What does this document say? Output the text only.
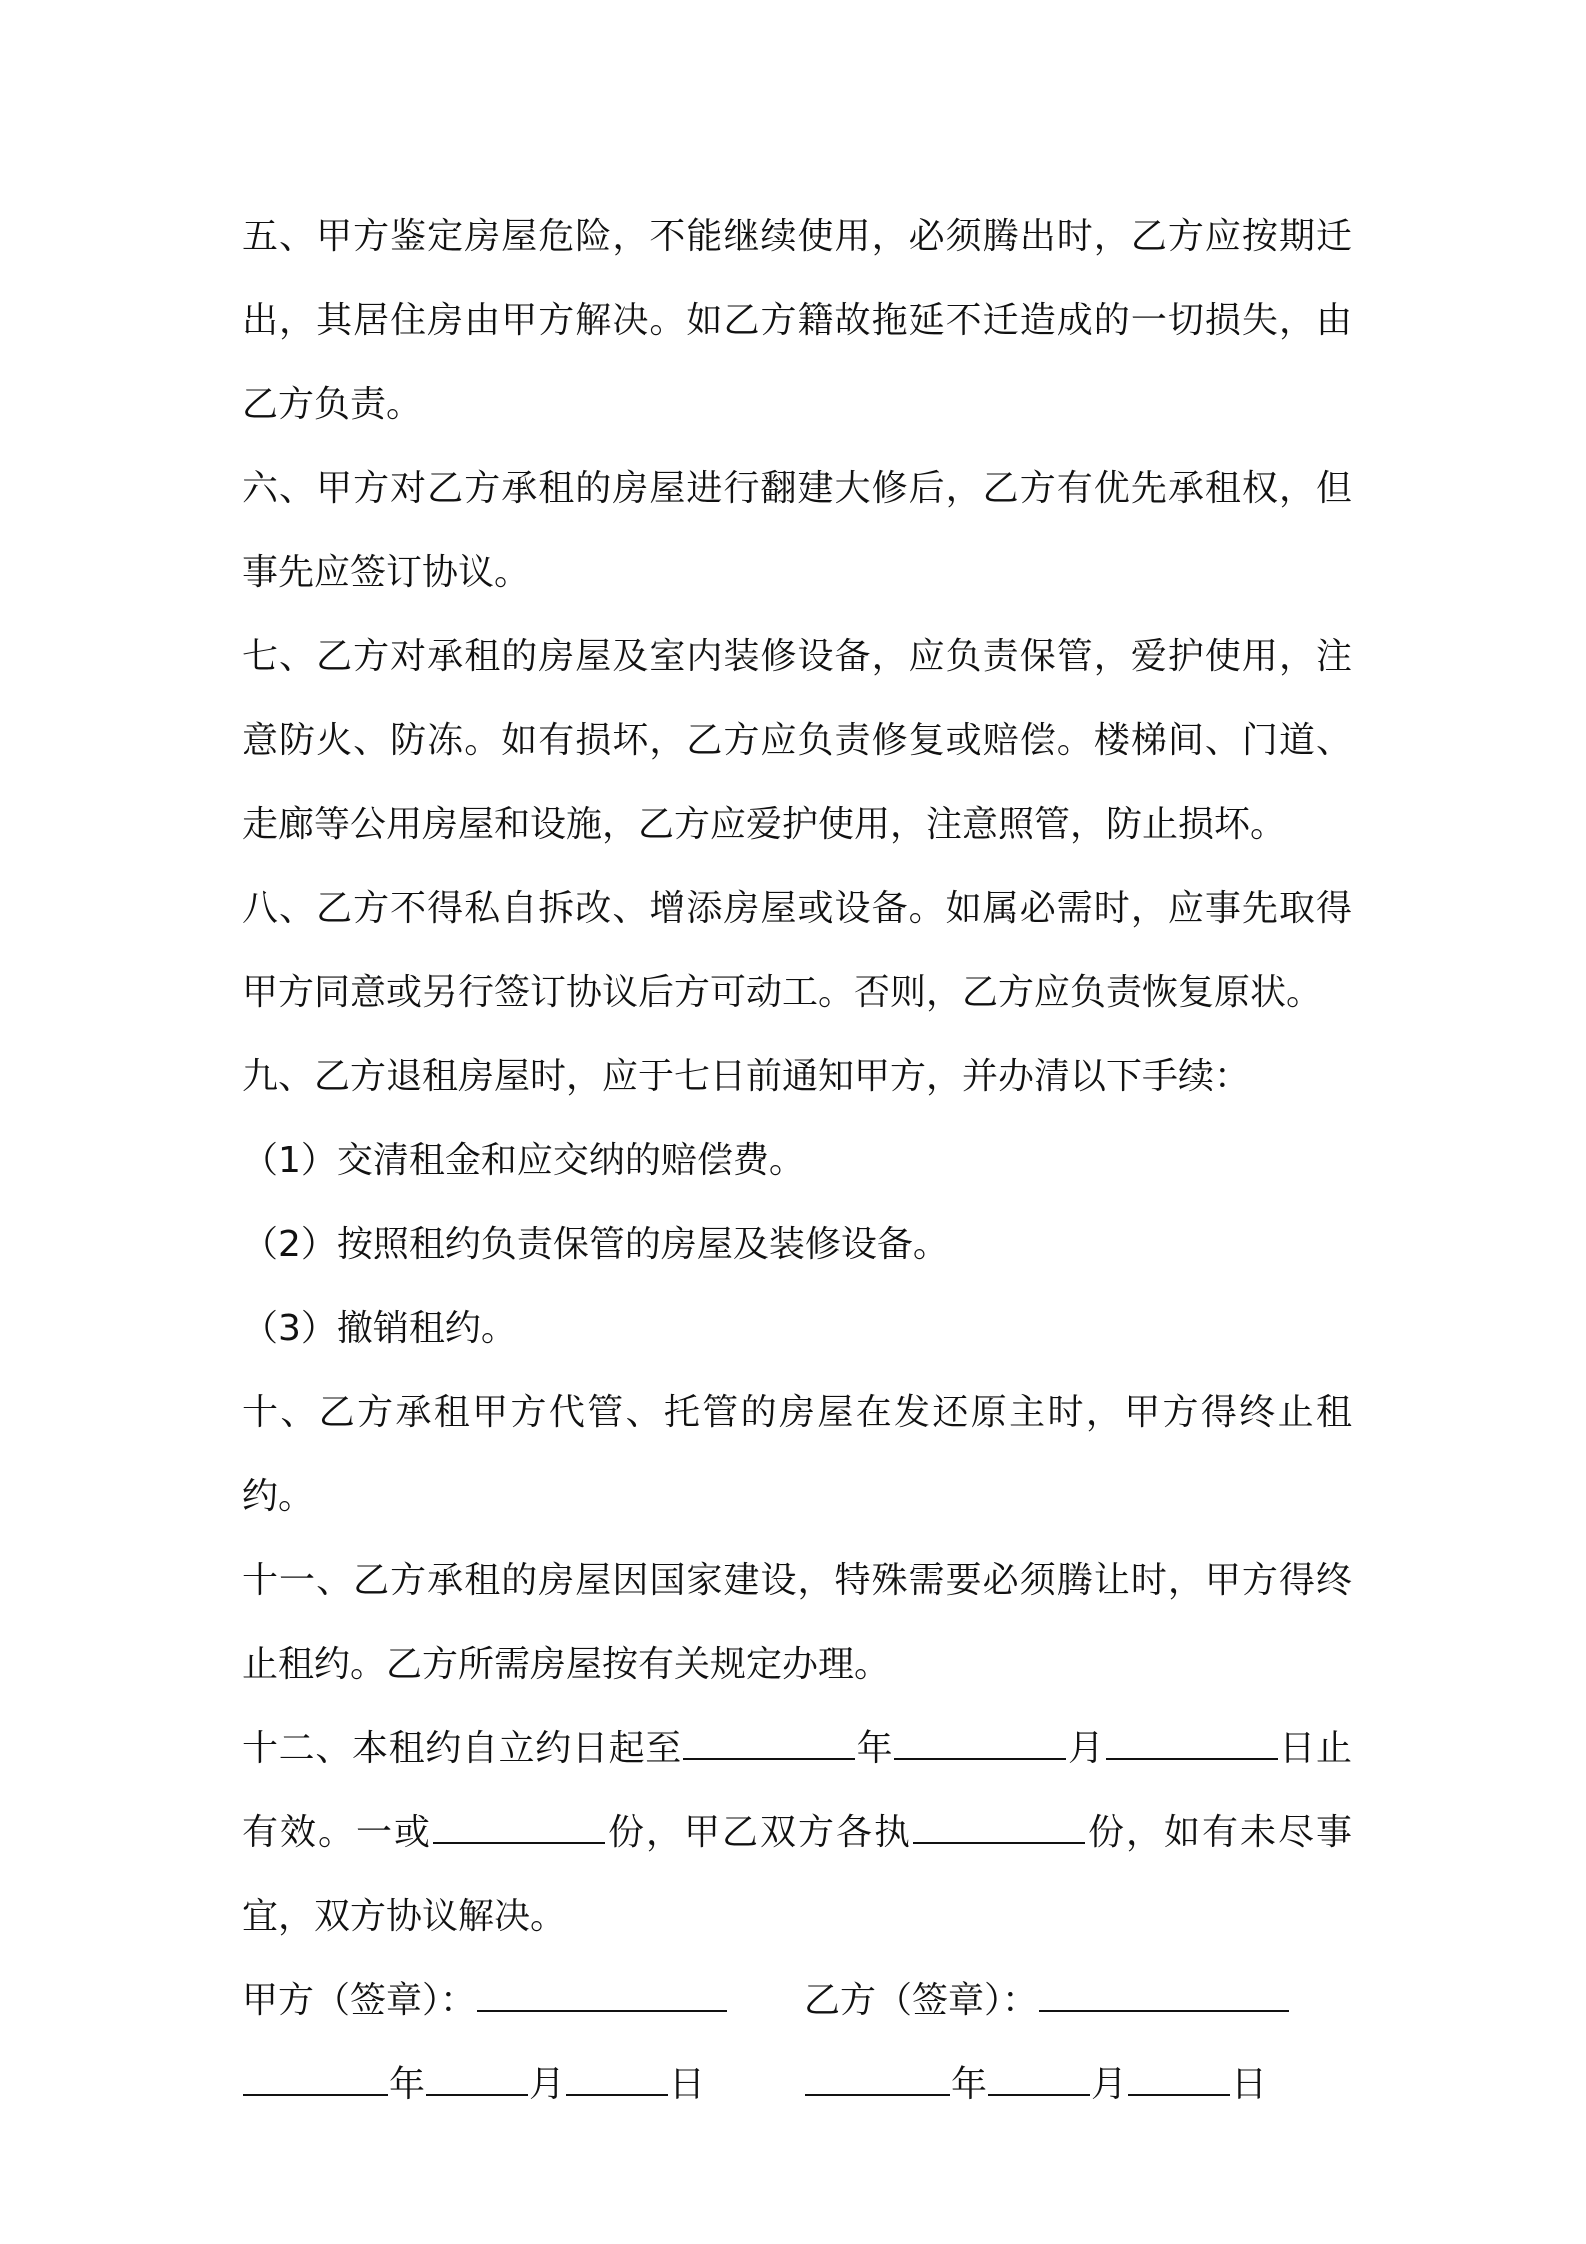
五、甲方鉴定房屋危险，不能继续使用，必须腾出时，乙方应按期迁出，其居住房由甲方解决。如乙方籍故拖延不迁造成的一切损失，由乙方负责。

六、甲方对乙方承租的房屋进行翻建大修后，乙方有优先承租权，但事先应签订协议。

七、乙方对承租的房屋及室内装修设备，应负责保管，爱护使用，注意防火、防冻。如有损坏，乙方应负责修复或赔偿。楼梯间、门道、走廊等公用房屋和设施，乙方应爱护使用，注意照管，防止损坏。

八、乙方不得私自拆改、增添房屋或设备。如属必需时，应事先取得甲方同意或另行签订协议后方可动工。否则，乙方应负责恢复原状。

九、乙方退租房屋时，应于七日前通知甲方，并办清以下手续：

（1）交清租金和应交纳的赔偿费。

（2）按照租约负责保管的房屋及装修设备。

（3）撤销租约。

十、乙方承租甲方代管、托管的房屋在发还原主时，甲方得终止租约。

十一、乙方承租的房屋因国家建设，特殊需要必须腾让时，甲方得终止租约。乙方所需房屋按有关规定办理。

十二、本租约自立约日起至	年	月	日止有效。一或	份，甲乙双方各执	份，如有未尽事宜，双方协议解决。

甲方（签章）：	乙方（签章）：
年	月	日	年	月	日
